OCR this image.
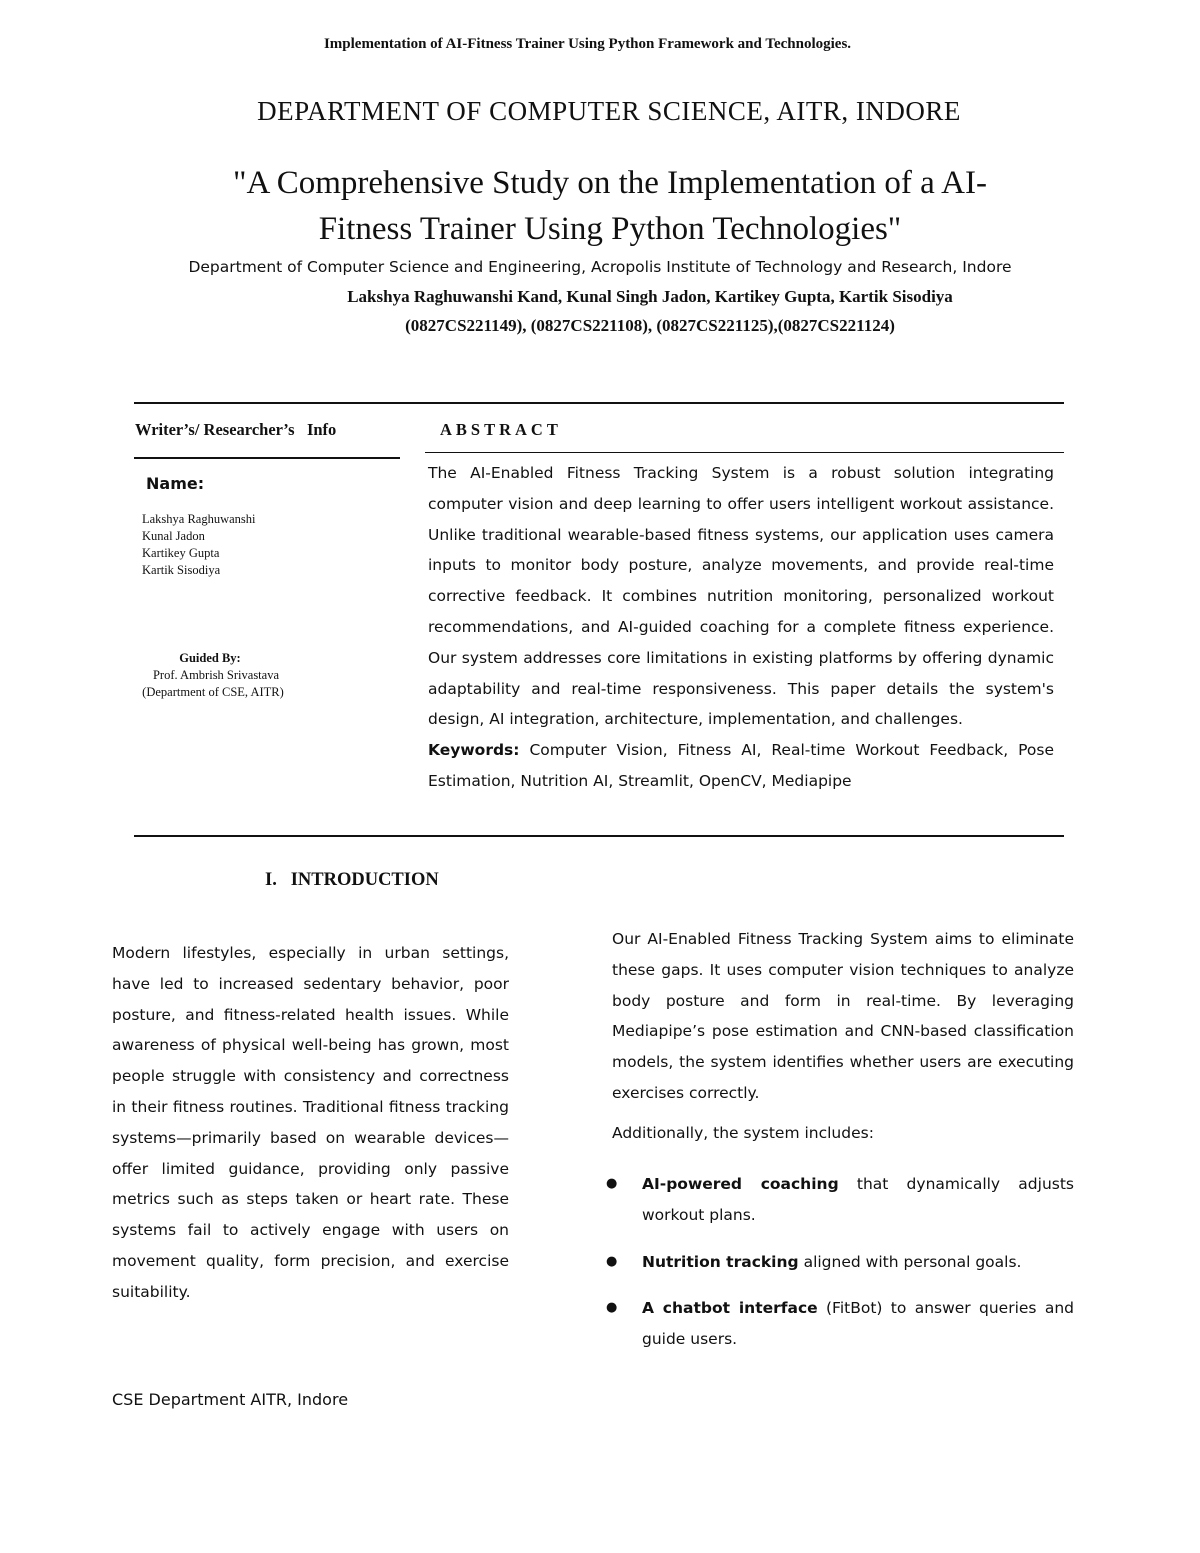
Implementation of AI-Fitness Trainer Using Python Framework and Technologies.
DEPARTMENT OF COMPUTER SCIENCE, AITR, INDORE
"A Comprehensive Study on the Implementation of a AI-
Fitness Trainer Using Python Technologies"
Department of Computer Science and Engineering, Acropolis Institute of Technology and Research, Indore
Lakshya Raghuwanshi Kand, Kunal Singh Jadon, Kartikey Gupta, Kartik Sisodiya
(0827CS221149), (0827CS221108), (0827CS221125),(0827CS221124)
Writer’s/ Researcher’s   Info	ABSTRACT
Name:
Lakshya Raghuwanshi
Kunal Jadon
Kartikey Gupta
Kartik Sisodiya
Guided By:
Prof. Ambrish Srivastava
(Department of CSE, AITR)

The AI-Enabled Fitness Tracking System is a robust solution integrating computer vision and deep learning to offer users intelligent workout assistance. Unlike traditional wearable-based fitness systems, our application uses camera inputs to monitor body posture, analyze movements, and provide real-time corrective feedback. It combines nutrition monitoring, personalized workout recommendations, and AI-guided coaching for a complete fitness experience. Our system addresses core limitations in existing platforms by offering dynamic adaptability and real-time responsiveness. This paper details the system's design, AI integration, architecture, implementation, and challenges.

Keywords: Computer Vision, Fitness AI, Real-time Workout Feedback, Pose Estimation, Nutrition AI, Streamlit, OpenCV, Mediapipe

I.   INTRODUCTION

Modern lifestyles, especially in urban settings, have led to increased sedentary behavior, poor posture, and fitness-related health issues. While awareness of physical well-being has grown, most people struggle with consistency and correctness in their fitness routines. Traditional fitness tracking systems—primarily based on wearable devices—offer limited guidance, providing only passive metrics such as steps taken or heart rate. These systems fail to actively engage with users on movement quality, form precision, and exercise suitability.

Our AI-Enabled Fitness Tracking System aims to eliminate these gaps. It uses computer vision techniques to analyze body posture and form in real-time. By leveraging Mediapipe’s pose estimation and CNN-based classification models, the system identifies whether users are executing exercises correctly.

Additionally, the system includes:
● AI-powered coaching that dynamically adjusts workout plans.
● Nutrition tracking aligned with personal goals.
● A chatbot interface (FitBot) to answer queries and guide users.
CSE Department AITR, Indore
